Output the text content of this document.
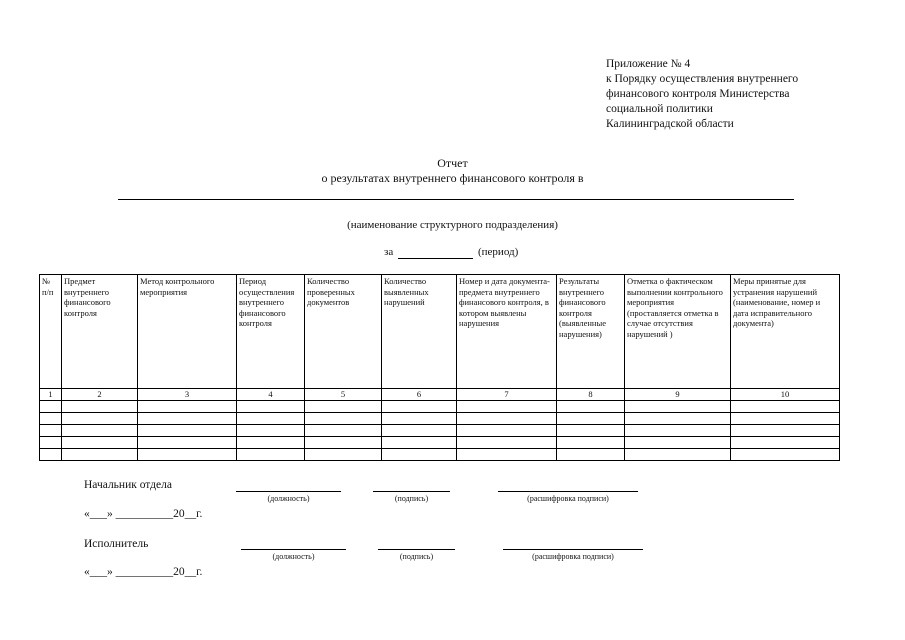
Приложение № 4
к Порядку осуществления внутреннего
финансового контроля Министерства
социальной политики
Калининградской области
Отчет
о результатах внутреннего финансового контроля в
(наименование структурного подразделения)
за	(период)
№ п/п	Предмет внутреннего финансового контроля	Метод контрольного мероприятия	Период осуществления внутреннего финансового контроля	Количество проверенных документов	Количество выявленных нарушений	Номер и дата документа-предмета внутреннего финансового контроля, в котором выявлены нарушения	Результаты внутреннего финансового контроля (выявленные нарушения)	Отметка о фактическом выполнении контрольного мероприятия (проставляется отметка в случае отсутствия нарушений )	Меры принятые для устранения нарушений (наименование, номер и дата исправительного документа)
1	2	3	4	5	6	7	8	9	10

Начальник отдела
(должность)	(подпись)	(расшифровка подписи)
«___» __________20__г.
Исполнитель
(должность)	(подпись)	(расшифровка подписи)
«___» __________20__г.
